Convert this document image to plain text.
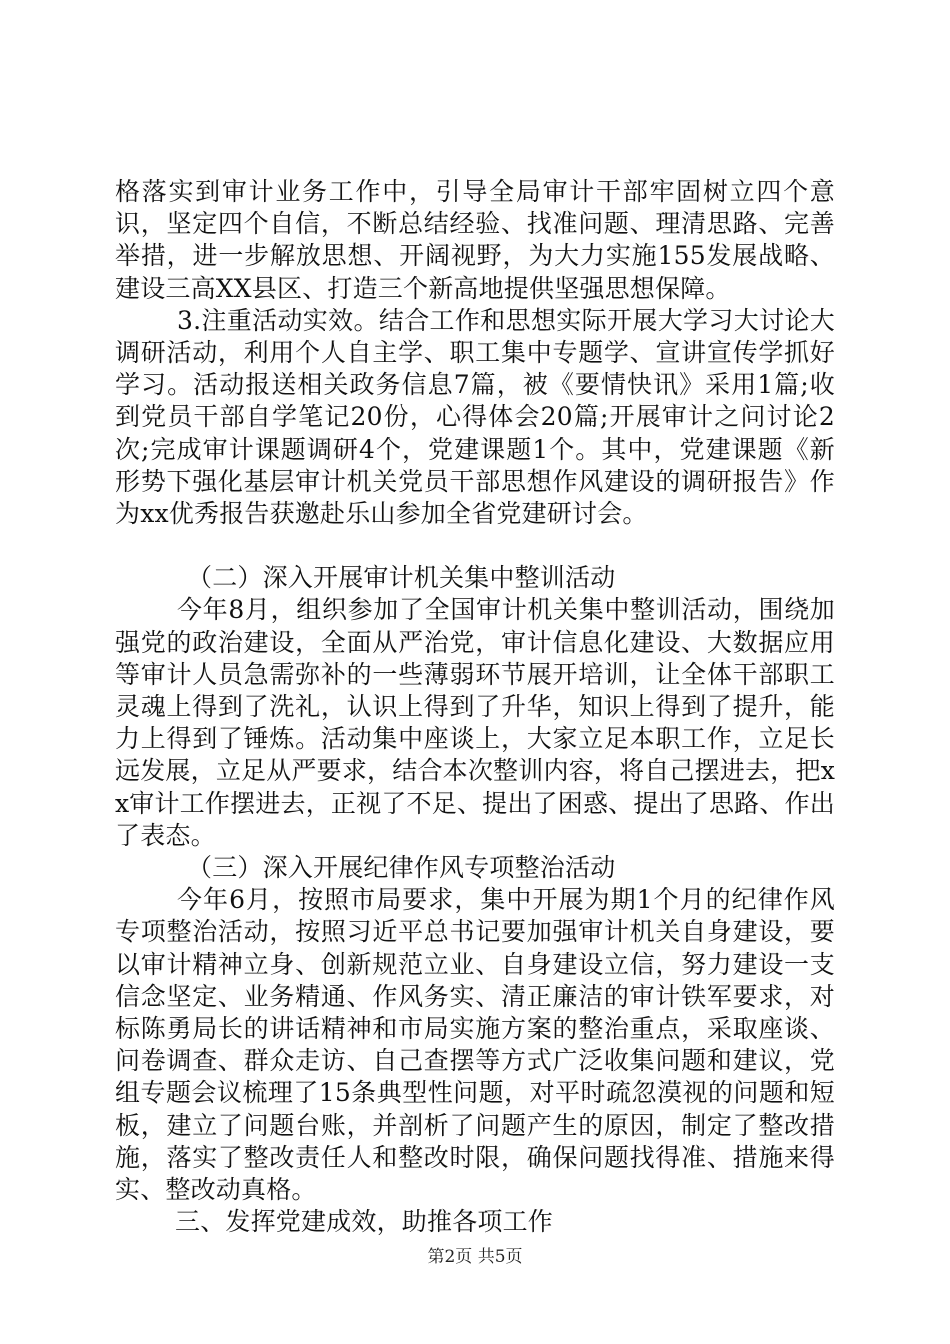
格落实到审计业务工作中，引导全局审计干部牢固树立四个意识，坚定四个自信，不断总结经验、找准问题、理清思路、完善举措，进一步解放思想、开阔视野，为大力实施155发展战略、建设三高XX县区、打造三个新高地提供坚强思想保障。

3.注重活动实效。结合工作和思想实际开展大学习大讨论大调研活动，利用个人自主学、职工集中专题学、宣讲宣传学抓好学习。活动报送相关政务信息7篇，被《要情快讯》采用1篇;收到党员干部自学笔记20份，心得体会20篇;开展审计之问讨论2次;完成审计课题调研4个，党建课题1个。其中，党建课题《新形势下强化基层审计机关党员干部思想作风建设的调研报告》作为xx优秀报告获邀赴乐山参加全省党建研讨会。

（二）深入开展审计机关集中整训活动

今年8月，组织参加了全国审计机关集中整训活动，围绕加强党的政治建设，全面从严治党，审计信息化建设、大数据应用等审计人员急需弥补的一些薄弱环节展开培训，让全体干部职工灵魂上得到了洗礼，认识上得到了升华，知识上得到了提升，能力上得到了锤炼。活动集中座谈上，大家立足本职工作，立足长远发展，立足从严要求，结合本次整训内容，将自己摆进去，把xx审计工作摆进去，正视了不足、提出了困惑、提出了思路、作出了表态。

（三）深入开展纪律作风专项整治活动

今年6月，按照市局要求，集中开展为期1个月的纪律作风专项整治活动，按照习近平总书记要加强审计机关自身建设，要以审计精神立身、创新规范立业、自身建设立信，努力建设一支信念坚定、业务精通、作风务实、清正廉洁的审计铁军要求，对标陈勇局长的讲话精神和市局实施方案的整治重点，采取座谈、问卷调查、群众走访、自己查摆等方式广泛收集问题和建议，党组专题会议梳理了15条典型性问题，对平时疏忽漠视的问题和短板，建立了问题台账，并剖析了问题产生的原因，制定了整改措施，落实了整改责任人和整改时限，确保问题找得准、措施来得实、整改动真格。

三、发挥党建成效，助推各项工作

第2页 共5页
